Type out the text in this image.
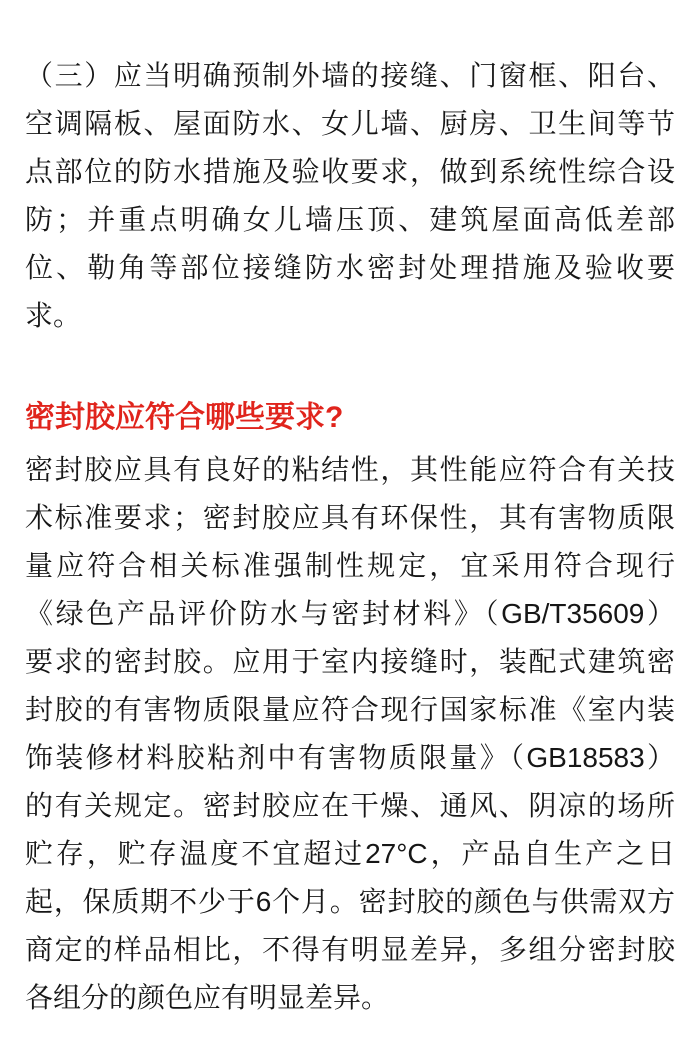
（三）应当明确预制外墙的接缝、门窗框、阳台、
空调隔板、屋面防水、女儿墙、厨房、卫生间等节
点部位的防水措施及验收要求，做到系统性综合设
防；并重点明确女儿墙压顶、建筑屋面高低差部
位、勒角等部位接缝防水密封处理措施及验收要
求。

密封胶应符合哪些要求?

密封胶应具有良好的粘结性，其性能应符合有关技
术标准要求；密封胶应具有环保性，其有害物质限
量应符合相关标准强制性规定，宜采用符合现行
《绿色产品评价防水与密封材料》（GB/T35609）
要求的密封胶。应用于室内接缝时，装配式建筑密
封胶的有害物质限量应符合现行国家标准《室内装
饰装修材料胶粘剂中有害物质限量》（GB18583）
的有关规定。密封胶应在干燥、通风、阴凉的场所
贮存，贮存温度不宜超过27°C，产品自生产之日
起，保质期不少于6个月。密封胶的颜色与供需双方
商定的样品相比，不得有明显差异，多组分密封胶
各组分的颜色应有明显差异。
